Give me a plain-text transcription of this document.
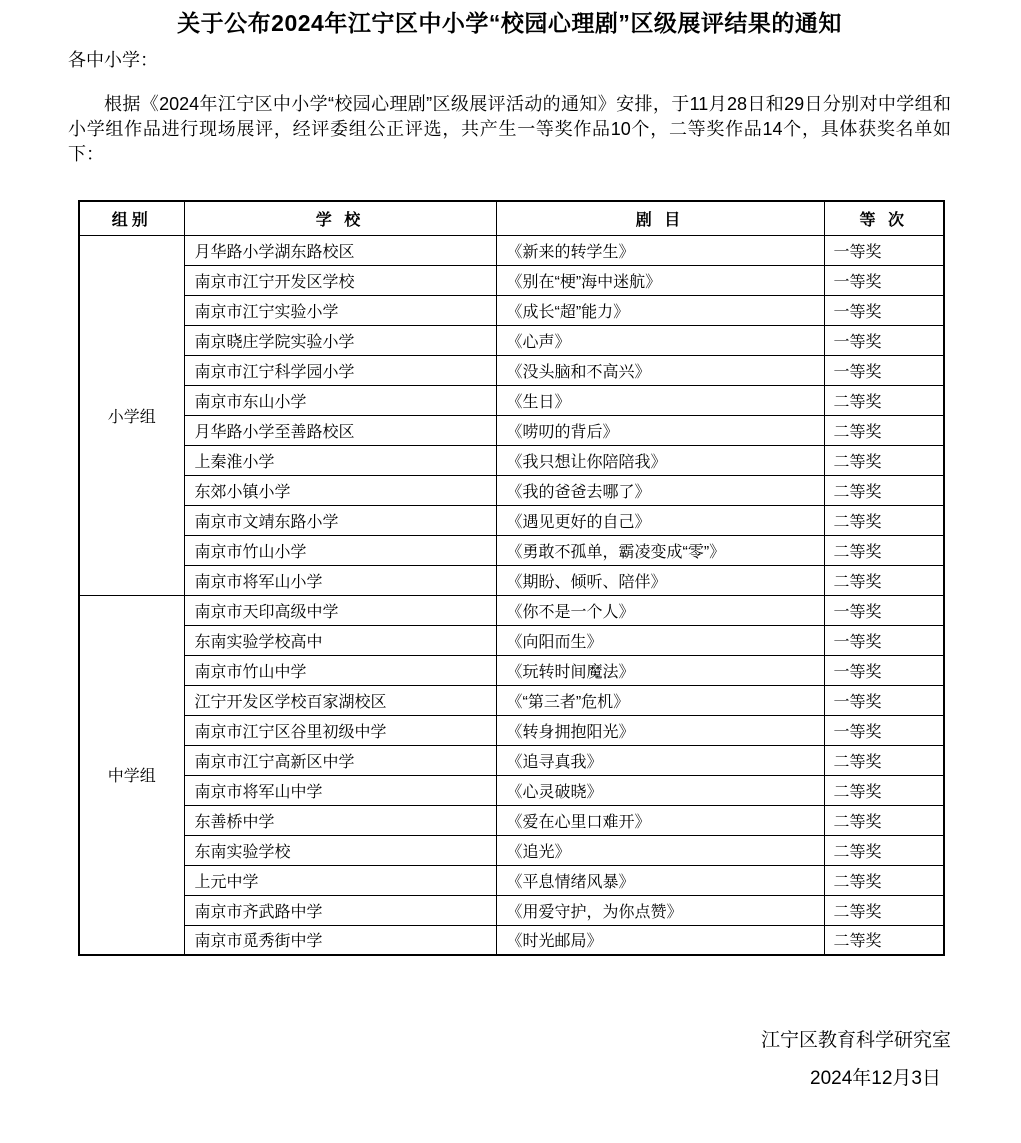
关于公布2024年江宁区中小学“校园心理剧”区级展评结果的通知
各中小学：
根据《2024年江宁区中小学“校园心理剧”区级展评活动的通知》安排，于11月28日和29日分别对中学组和小学组作品进行现场展评，经评委组公正评选，共产生一等奖作品10个，二等奖作品14个，具体获奖名单如下：
组别	学 校	剧 目	等 次
小学组	月华路小学湖东路校区	《新来的转学生》	一等奖
	南京市江宁开发区学校	《别在“梗”海中迷航》	一等奖
	南京市江宁实验小学	《成长“超”能力》	一等奖
	南京晓庄学院实验小学	《心声》	一等奖
	南京市江宁科学园小学	《没头脑和不高兴》	一等奖
	南京市东山小学	《生日》	二等奖
	月华路小学至善路校区	《唠叨的背后》	二等奖
	上秦淮小学	《我只想让你陪陪我》	二等奖
	东郊小镇小学	《我的爸爸去哪了》	二等奖
	南京市文靖东路小学	《遇见更好的自己》	二等奖
	南京市竹山小学	《勇敢不孤单，霸凌变成“零”》	二等奖
	南京市将军山小学	《期盼、倾听、陪伴》	二等奖
中学组	南京市天印高级中学	《你不是一个人》	一等奖
	东南实验学校高中	《向阳而生》	一等奖
	南京市竹山中学	《玩转时间魔法》	一等奖
	江宁开发区学校百家湖校区	《“第三者”危机》	一等奖
	南京市江宁区谷里初级中学	《转身拥抱阳光》	一等奖
	南京市江宁高新区中学	《追寻真我》	二等奖
	南京市将军山中学	《心灵破晓》	二等奖
	东善桥中学	《爱在心里口难开》	二等奖
	东南实验学校	《追光》	二等奖
	上元中学	《平息情绪风暴》	二等奖
	南京市齐武路中学	《用爱守护，为你点赞》	二等奖
	南京市觅秀街中学	《时光邮局》	二等奖
江宁区教育科学研究室
2024年12月3日
